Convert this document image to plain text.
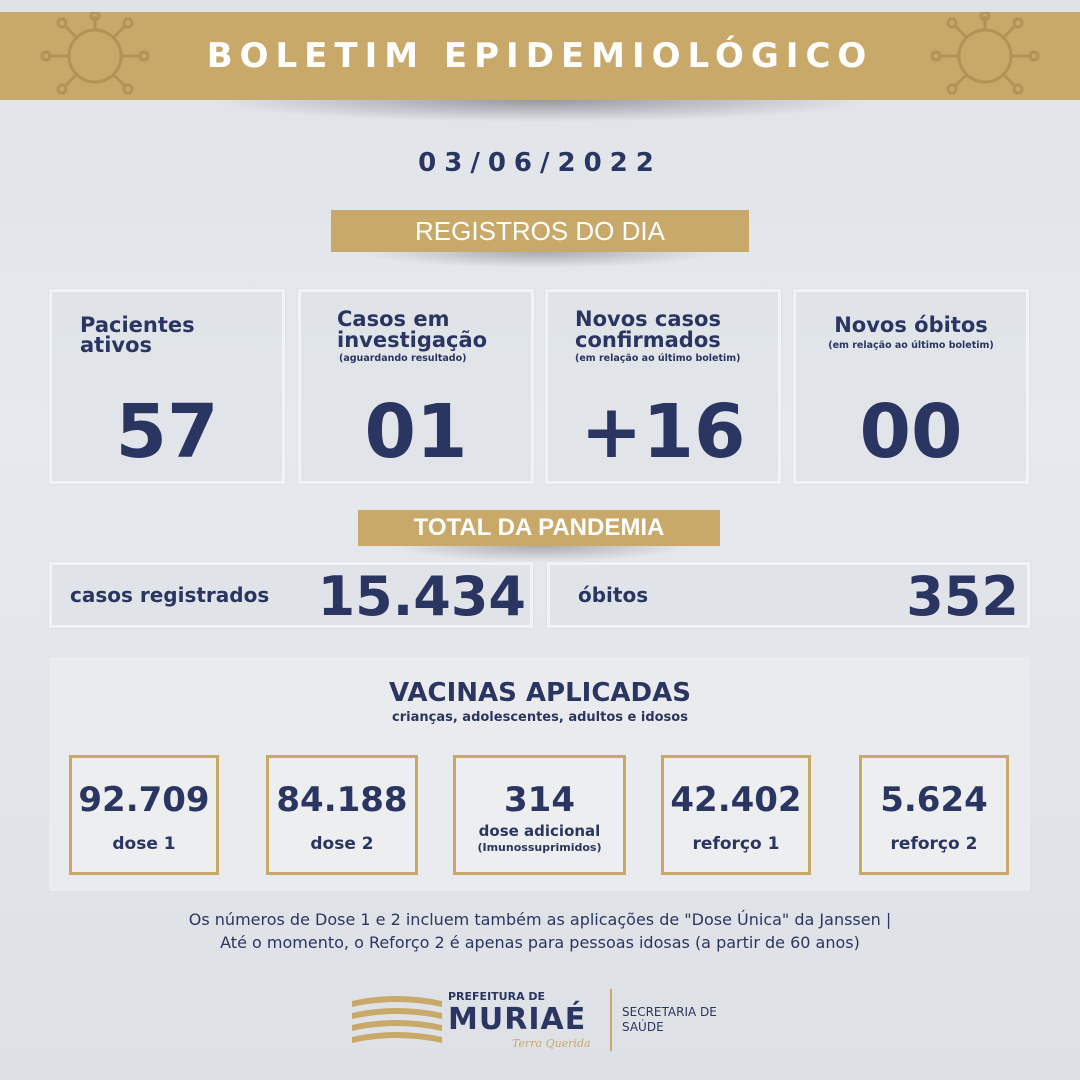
BOLETIM EPIDEMIOLÓGICO
03/06/2022
REGISTROS DO DIA
Pacientes
ativos
57
Casos em
investigação
(aguardando resultado)
01
Novos casos
confirmados
(em relação ao último boletim)
+16
Novos óbitos
(em relação ao último boletim)
00
TOTAL DA PANDEMIA
casos registrados 15.434	óbitos	352
VACINAS APLICADAS
crianças, adolescentes, adultos e idosos
92.709
dose 1
84.188
dose 2
314
dose adicional
(Imunossuprimidos)
42.402
reforço 1
5.624
reforço 2
Os números de Dose 1 e 2 incluem também as aplicações de "Dose Única" da Janssen |
Até o momento, o Reforço 2 é apenas para pessoas idosas (a partir de 60 anos)
PREFEITURA DE
MURIAÉ
Terra Querida
SECRETARIA DE
SAÚDE
